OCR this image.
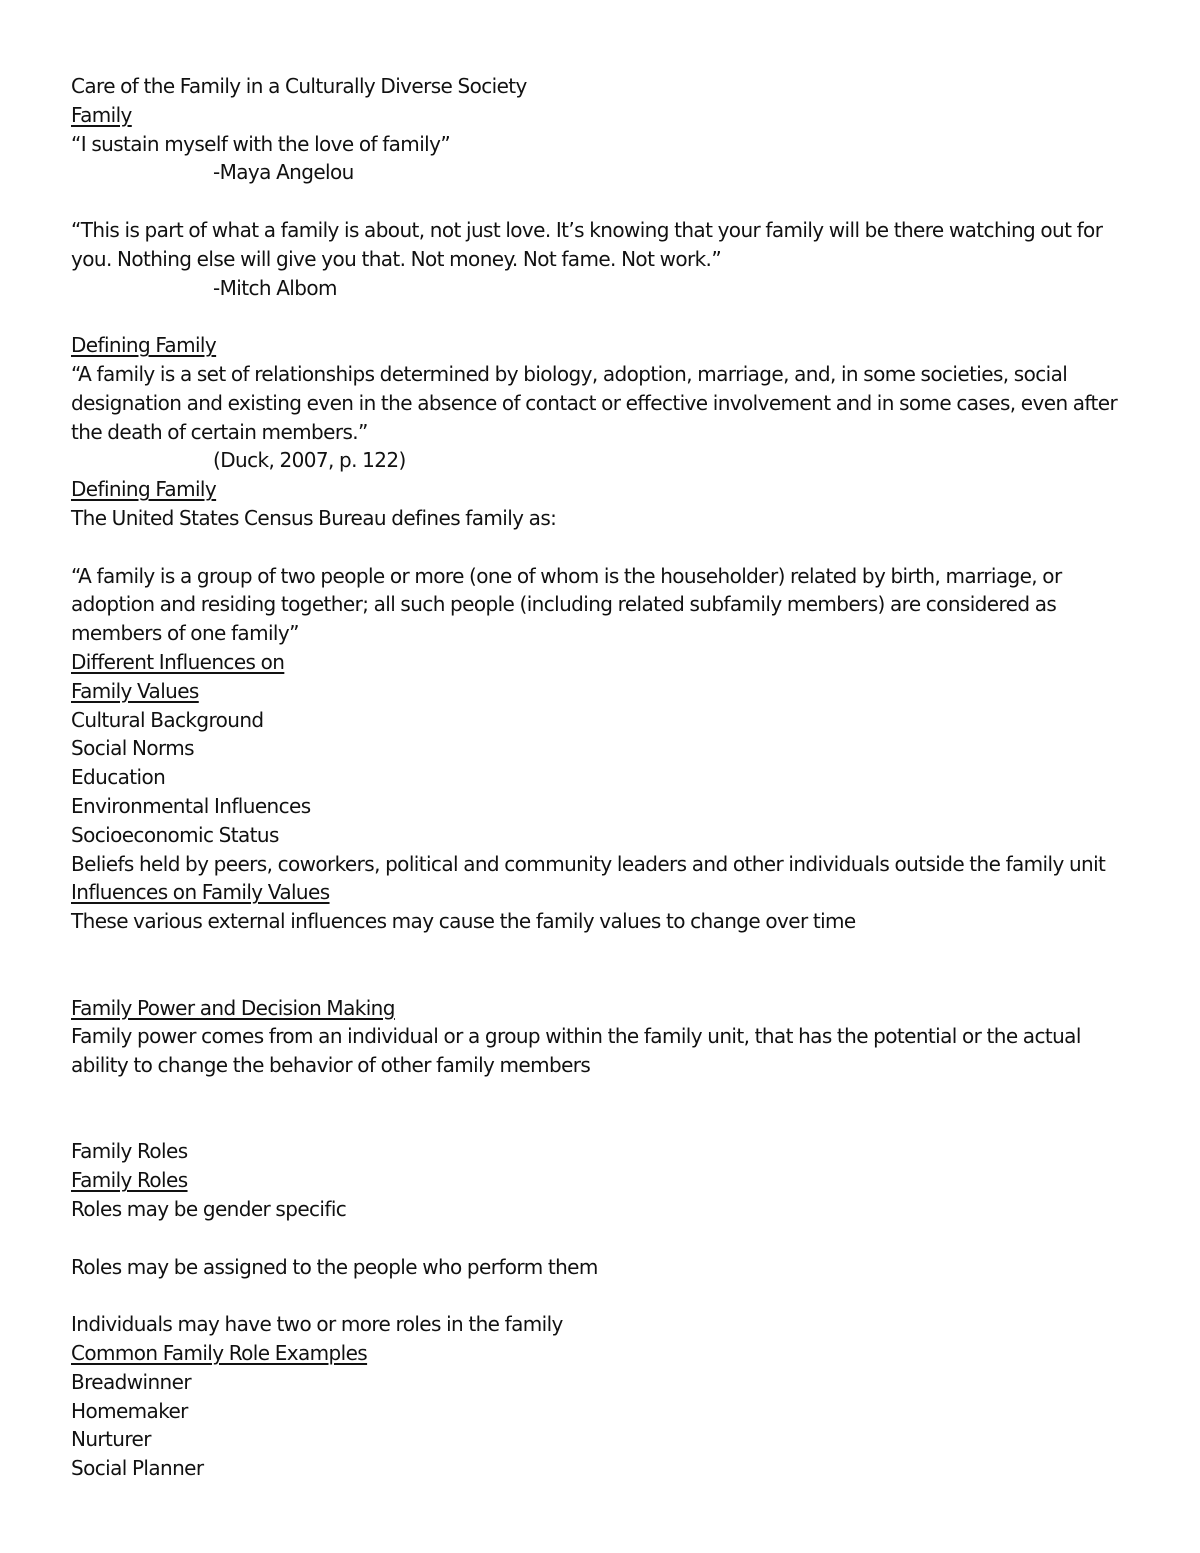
Care of the Family in a Culturally Diverse Society
Family
“I sustain myself with the love of family”
-Maya Angelou
“This is part of what a family is about, not just love. It’s knowing that your family will be there watching out for you. Nothing else will give you that. Not money. Not fame. Not work.”
-Mitch Albom
Defining Family
“A family is a set of relationships determined by biology, adoption, marriage, and, in some societies, social designation and existing even in the absence of contact or effective involvement and in some cases, even after the death of certain members.”
(Duck, 2007, p. 122)
Defining Family
The United States Census Bureau defines family as:
“A family is a group of two people or more (one of whom is the householder) related by birth, marriage, or adoption and residing together; all such people (including related subfamily members) are considered as members of one family”
Different Influences on
Family Values
Cultural Background
Social Norms
Education
Environmental Influences
Socioeconomic Status
Beliefs held by peers, coworkers, political and community leaders and other individuals outside the family unit
Influences on Family Values
These various external influences may cause the family values to change over time
Family Power and Decision Making
Family power comes from an individual or a group within the family unit, that has the potential or the actual ability to change the behavior of other family members
Family Roles
Family Roles
Roles may be gender specific
Roles may be assigned to the people who perform them
Individuals may have two or more roles in the family
Common Family Role Examples
Breadwinner
Homemaker
Nurturer
Social Planner
